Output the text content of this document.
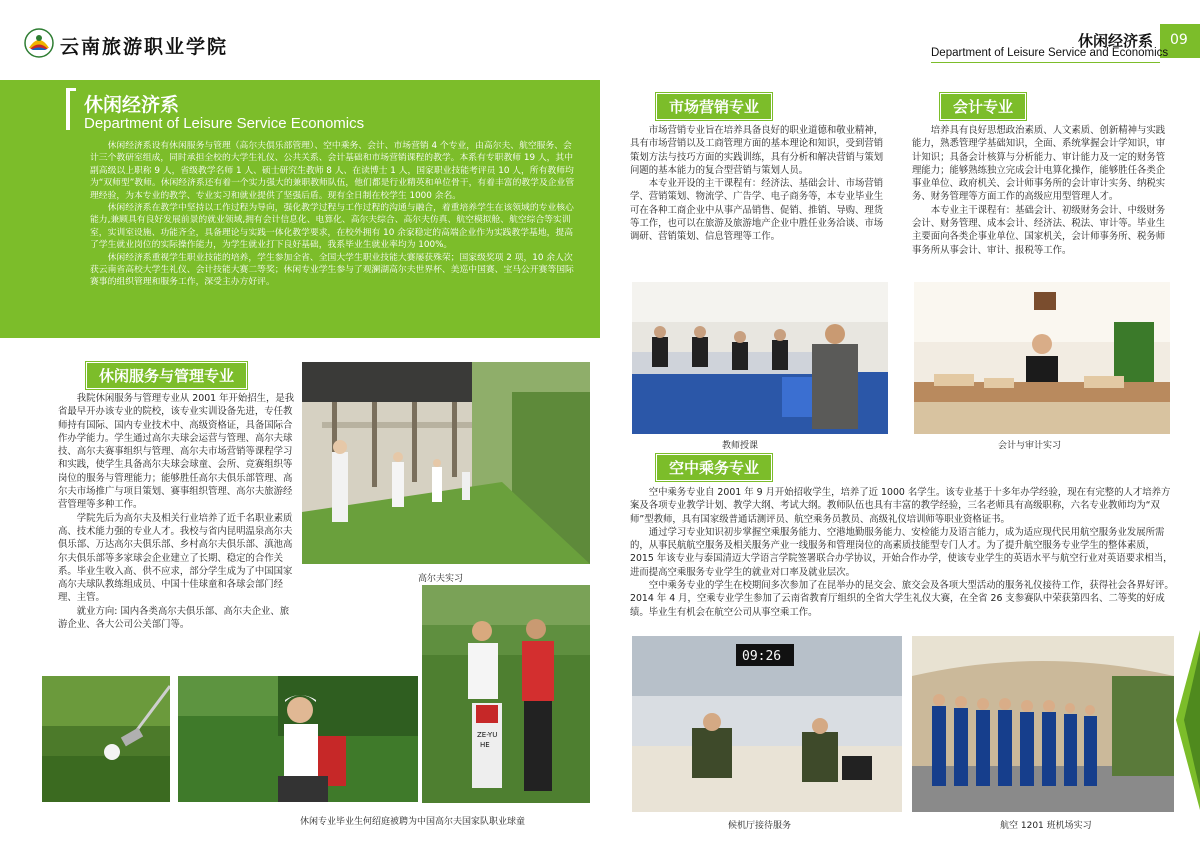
云南旅游职业学院	休闲经济系 09
Department of Leisure Service and Economics
休闲经济系
Department of Leisure Service Economics

休闲经济系设有休闲服务与管理（高尔夫俱乐部管理）、空中乘务、会计、市场营销 4 个专业，由高尔夫、航空服务、会计三个教研室组成，同时承担全校的大学生礼仪、公共关系、会计基础和市场营销课程的教学。本系有专职教师 19 人，其中副高级以上职称 9 人，省级教学名师 1 人、硕士研究生教师 8 人、在读博士 1 人，国家职业技能考评员 10 人，所有教师均为“双师型”教师。休闲经济系还有着一个实力强大的兼职教师队伍，他们都是行业精英和单位骨干，有着丰富的教学及企业管理经验，为本专业的教学、专业实习和就业提供了坚强后盾。现有全日制在校学生 1000 余名。

休闲经济系在教学中坚持以工作过程为导向，强化教学过程与工作过程的沟通与融合，着重培养学生在该领域的专业核心能力,兼顾具有良好发展前景的就业领域,拥有会计信息化、电算化、高尔夫综合、高尔夫仿真、航空模拟舱、航空综合等实训室，实训室设施、功能齐全，具备理论与实践一体化教学要求，在校外拥有 10 余家稳定的高端企业作为实践教学基地，提高了学生就业岗位的实际操作能力，为学生就业打下良好基础，我系毕业生就业率均为 100%。

休闲经济系重视学生职业技能的培养，学生参加全省、全国大学生职业技能大赛屡获殊荣；国家级奖项 2 项，10 余人次获云南省高校大学生礼仪、会计技能大赛二等奖；休闲专业学生参与了观澜湖高尔夫世界杯、美巡中国赛、宝马公开赛等国际赛事的组织管理和服务工作，深受主办方好评。

休闲服务与管理专业

我院休闲服务与管理专业从 2001 年开始招生，是我省最早开办该专业的院校，该专业实训设备先进，专任教师持有国际、国内专业技术中、高级资格证，具备国际合作办学能力。学生通过高尔夫球会运营与管理、高尔夫球技、高尔夫赛事组织与管理、高尔夫市场营销等课程学习和实践，使学生具备高尔夫球会球童、会所、竞赛组织等岗位的服务与管理能力；能够胜任高尔夫俱乐部管理、高尔夫市场推广与项目策划、赛事组织管理、高尔夫旅游经营管理等多种工作。

学院先后为高尔夫及相关行业培养了近千名职业素质高、技术能力强的专业人才。我校与省内昆明温泉高尔夫俱乐部、万达高尔夫俱乐部、乡村高尔夫俱乐部、滇池高尔夫俱乐部等多家球会企业建立了长期、稳定的合作关系。毕业生收入高、供不应求，部分学生成为了中国国家高尔夫球队教练组成员、中国十佳球童和各球会部门经理、主管。

就业方向: 国内各类高尔夫俱乐部、高尔夫企业、旅游企业、各大公司公关部门等。

高尔夫实习
ZE-YU
HE
休闲专业毕业生何绍庭被聘为中国高尔夫国家队职业球童
市场营销专业

市场营销专业旨在培养具备良好的职业道德和敬业精神，具有市场营销以及工商管理方面的基本理论和知识，受到营销策划方法与技巧方面的实践训练，具有分析和解决营销与策划问题的基本能力的复合型营销与策划人员。

本专业开设的主干课程有：经济法、基础会计、市场营销学、营销策划、物流学、广告学、电子商务等，本专业毕业生可在各种工商企业中从事产品销售、促销、推销、导购、理货等工作，也可以在旅游及旅游地产企业中胜任业务洽谈、市场调研、营销策划、信息管理等工作。

教师授课
会计专业

培养具有良好思想政治素质、人文素质、创新精神与实践能力，熟悉管理学基础知识，全面、系统掌握会计学知识，审计知识；具备会计核算与分析能力、审计能力及一定的财务管理能力；能够熟练独立完成会计电算化操作，能够胜任各类企事业单位、政府机关、会计师事务所的会计审计实务、纳税实务、财务管理等方面工作的高级应用型管理人才。

本专业主干课程有：基础会计、初级财务会计、中级财务会计、财务管理、成本会计、经济法、税法、审计等。毕业生主要面向各类企事业单位、国家机关，会计师事务所、税务师事务所从事会计、审计、报税等工作。

会计与审计实习
空中乘务专业

空中乘务专业自 2001 年 9 月开始招收学生，培养了近 1000 名学生。该专业基于十多年办学经验，现在有完整的人才培养方案及各项专业教学计划、教学大纲、考试大纲。教师队伍也具有丰富的教学经验，三名老师具有高级职称，六名专业教师均为“双师”型教师，具有国家级普通话测评员、航空乘务员教员、高级礼仪培训师等职业资格证书。

通过学习专业知识初步掌握空乘服务能力、空港地勤服务能力、安检能力及语言能力，成为适应现代民用航空服务业发展所需的，从事民航航空服务及相关服务产业一线服务和管理岗位的高素质技能型专门人才。为了提升航空服务专业学生的整体素质，2015 年该专业与泰国清迈大学语言学院签署联合办学协议，开始合作办学，使该专业学生的英语水平与航空行业对英语要求相当，进而提高空乘服务专业学生的就业对口率及就业层次。

空中乘务专业的学生在校期间多次参加了在昆举办的昆交会、旅交会及各项大型活动的服务礼仪接待工作，获得社会各界好评。2014 年 4 月，空乘专业学生参加了云南省教育厅组织的全省大学生礼仪大赛，在全省 26 支参赛队中荣获第四名、二等奖的好成绩。毕业生有机会在航空公司从事空乘工作。

09:26
候机厅接待服务	航空 1201 班机场实习
